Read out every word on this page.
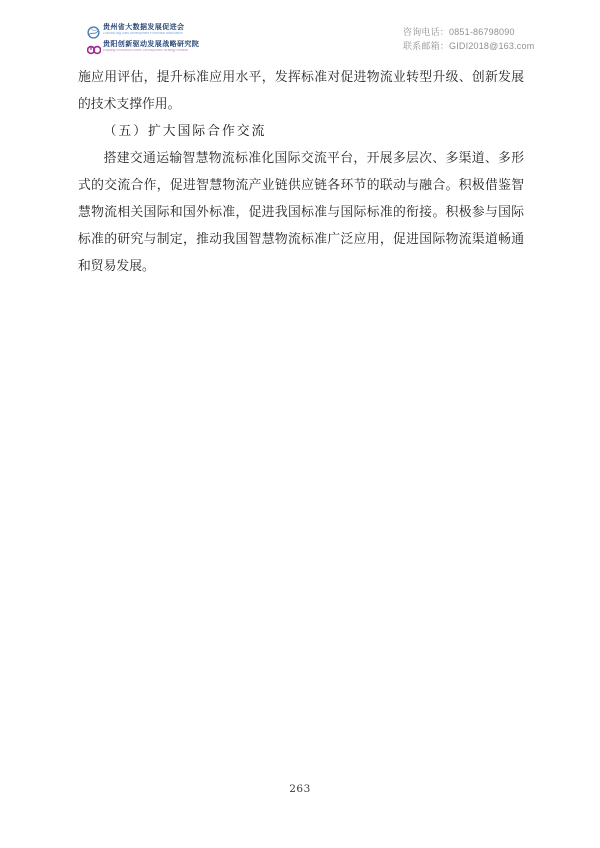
贵州省大数据发展促进会
Guizhou Big Data Development Promotion Association
贵阳创新驱动发展战略研究院
Guiyang Innovation-Driven Development Strategy Institute
咨询电话：0851-86798090
联系邮箱：GIDI2018@163.com

施应用评估，提升标准应用水平，发挥标准对促进物流业转型升级、创新发展的技术支撑作用。

（五）扩大国际合作交流

搭建交通运输智慧物流标准化国际交流平台，开展多层次、多渠道、多形式的交流合作，促进智慧物流产业链供应链各环节的联动与融合。积极借鉴智慧物流相关国际和国外标准，促进我国标准与国际标准的衔接。积极参与国际标准的研究与制定，推动我国智慧物流标准广泛应用，促进国际物流渠道畅通和贸易发展。

263
